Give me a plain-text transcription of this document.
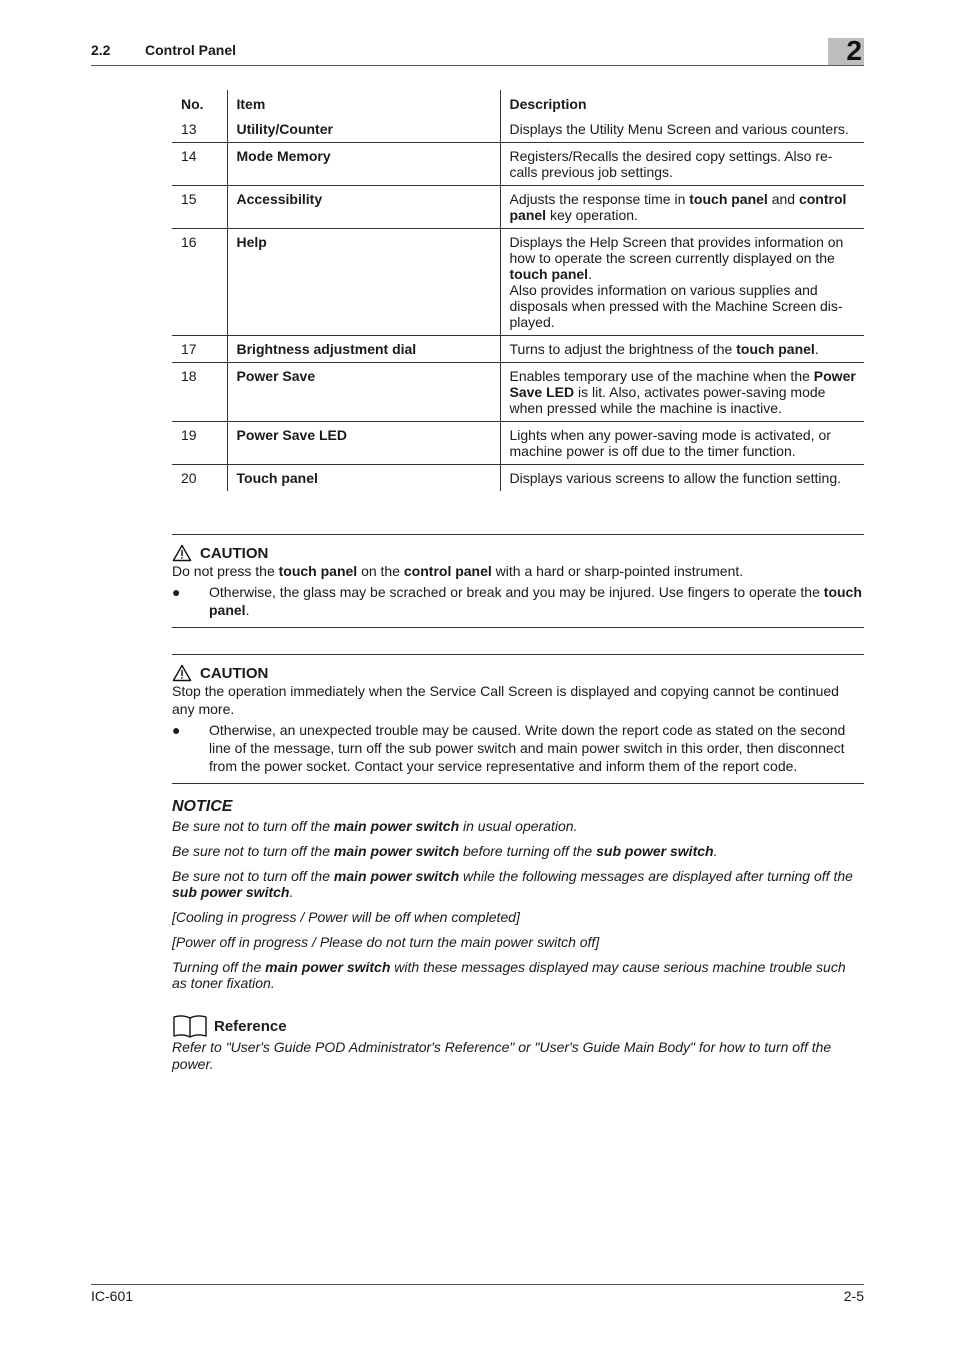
2.2 Control Panel	2
No.	Item	Description
13	Utility/Counter	Displays the Utility Menu Screen and various counters.
14	Mode Memory	Registers/Recalls the desired copy settings. Also re-calls previous job settings.
15	Accessibility	Adjusts the response time in touch panel and control panel key operation.
16	Help	Displays the Help Screen that provides information on how to operate the screen currently displayed on the touch panel.
Also provides information on various supplies and disposals when pressed with the Machine Screen dis-played.
17	Brightness adjustment dial	Turns to adjust the brightness of the touch panel.
18	Power Save	Enables temporary use of the machine when the Power Save LED is lit. Also, activates power-saving mode when pressed while the machine is inactive.
19	Power Save LED	Lights when any power-saving mode is activated, or machine power is off due to the timer function.
20	Touch panel	Displays various screens to allow the function setting.
CAUTION

Do not press the touch panel on the control panel with a hard or sharp-pointed instrument.

● Otherwise, the glass may be scrached or break and you may be injured. Use fingers to operate the touch panel.
CAUTION

Stop the operation immediately when the Service Call Screen is displayed and copying cannot be continued any more.

● Otherwise, an unexpected trouble may be caused. Write down the report code as stated on the second line of the message, turn off the sub power switch and main power switch in this order, then disconnect from the power socket. Contact your service representative and inform them of the report code.
NOTICE

Be sure not to turn off the main power switch in usual operation.

Be sure not to turn off the main power switch before turning off the sub power switch.

Be sure not to turn off the main power switch while the following messages are displayed after turning off the sub power switch.

[Cooling in progress / Power will be off when completed]

[Power off in progress / Please do not turn the main power switch off]

Turning off the main power switch with these messages displayed may cause serious machine trouble such as toner fixation.

Reference

Refer to "User's Guide POD Administrator's Reference" or "User's Guide Main Body" for how to turn off the power.

IC-601	2-5
